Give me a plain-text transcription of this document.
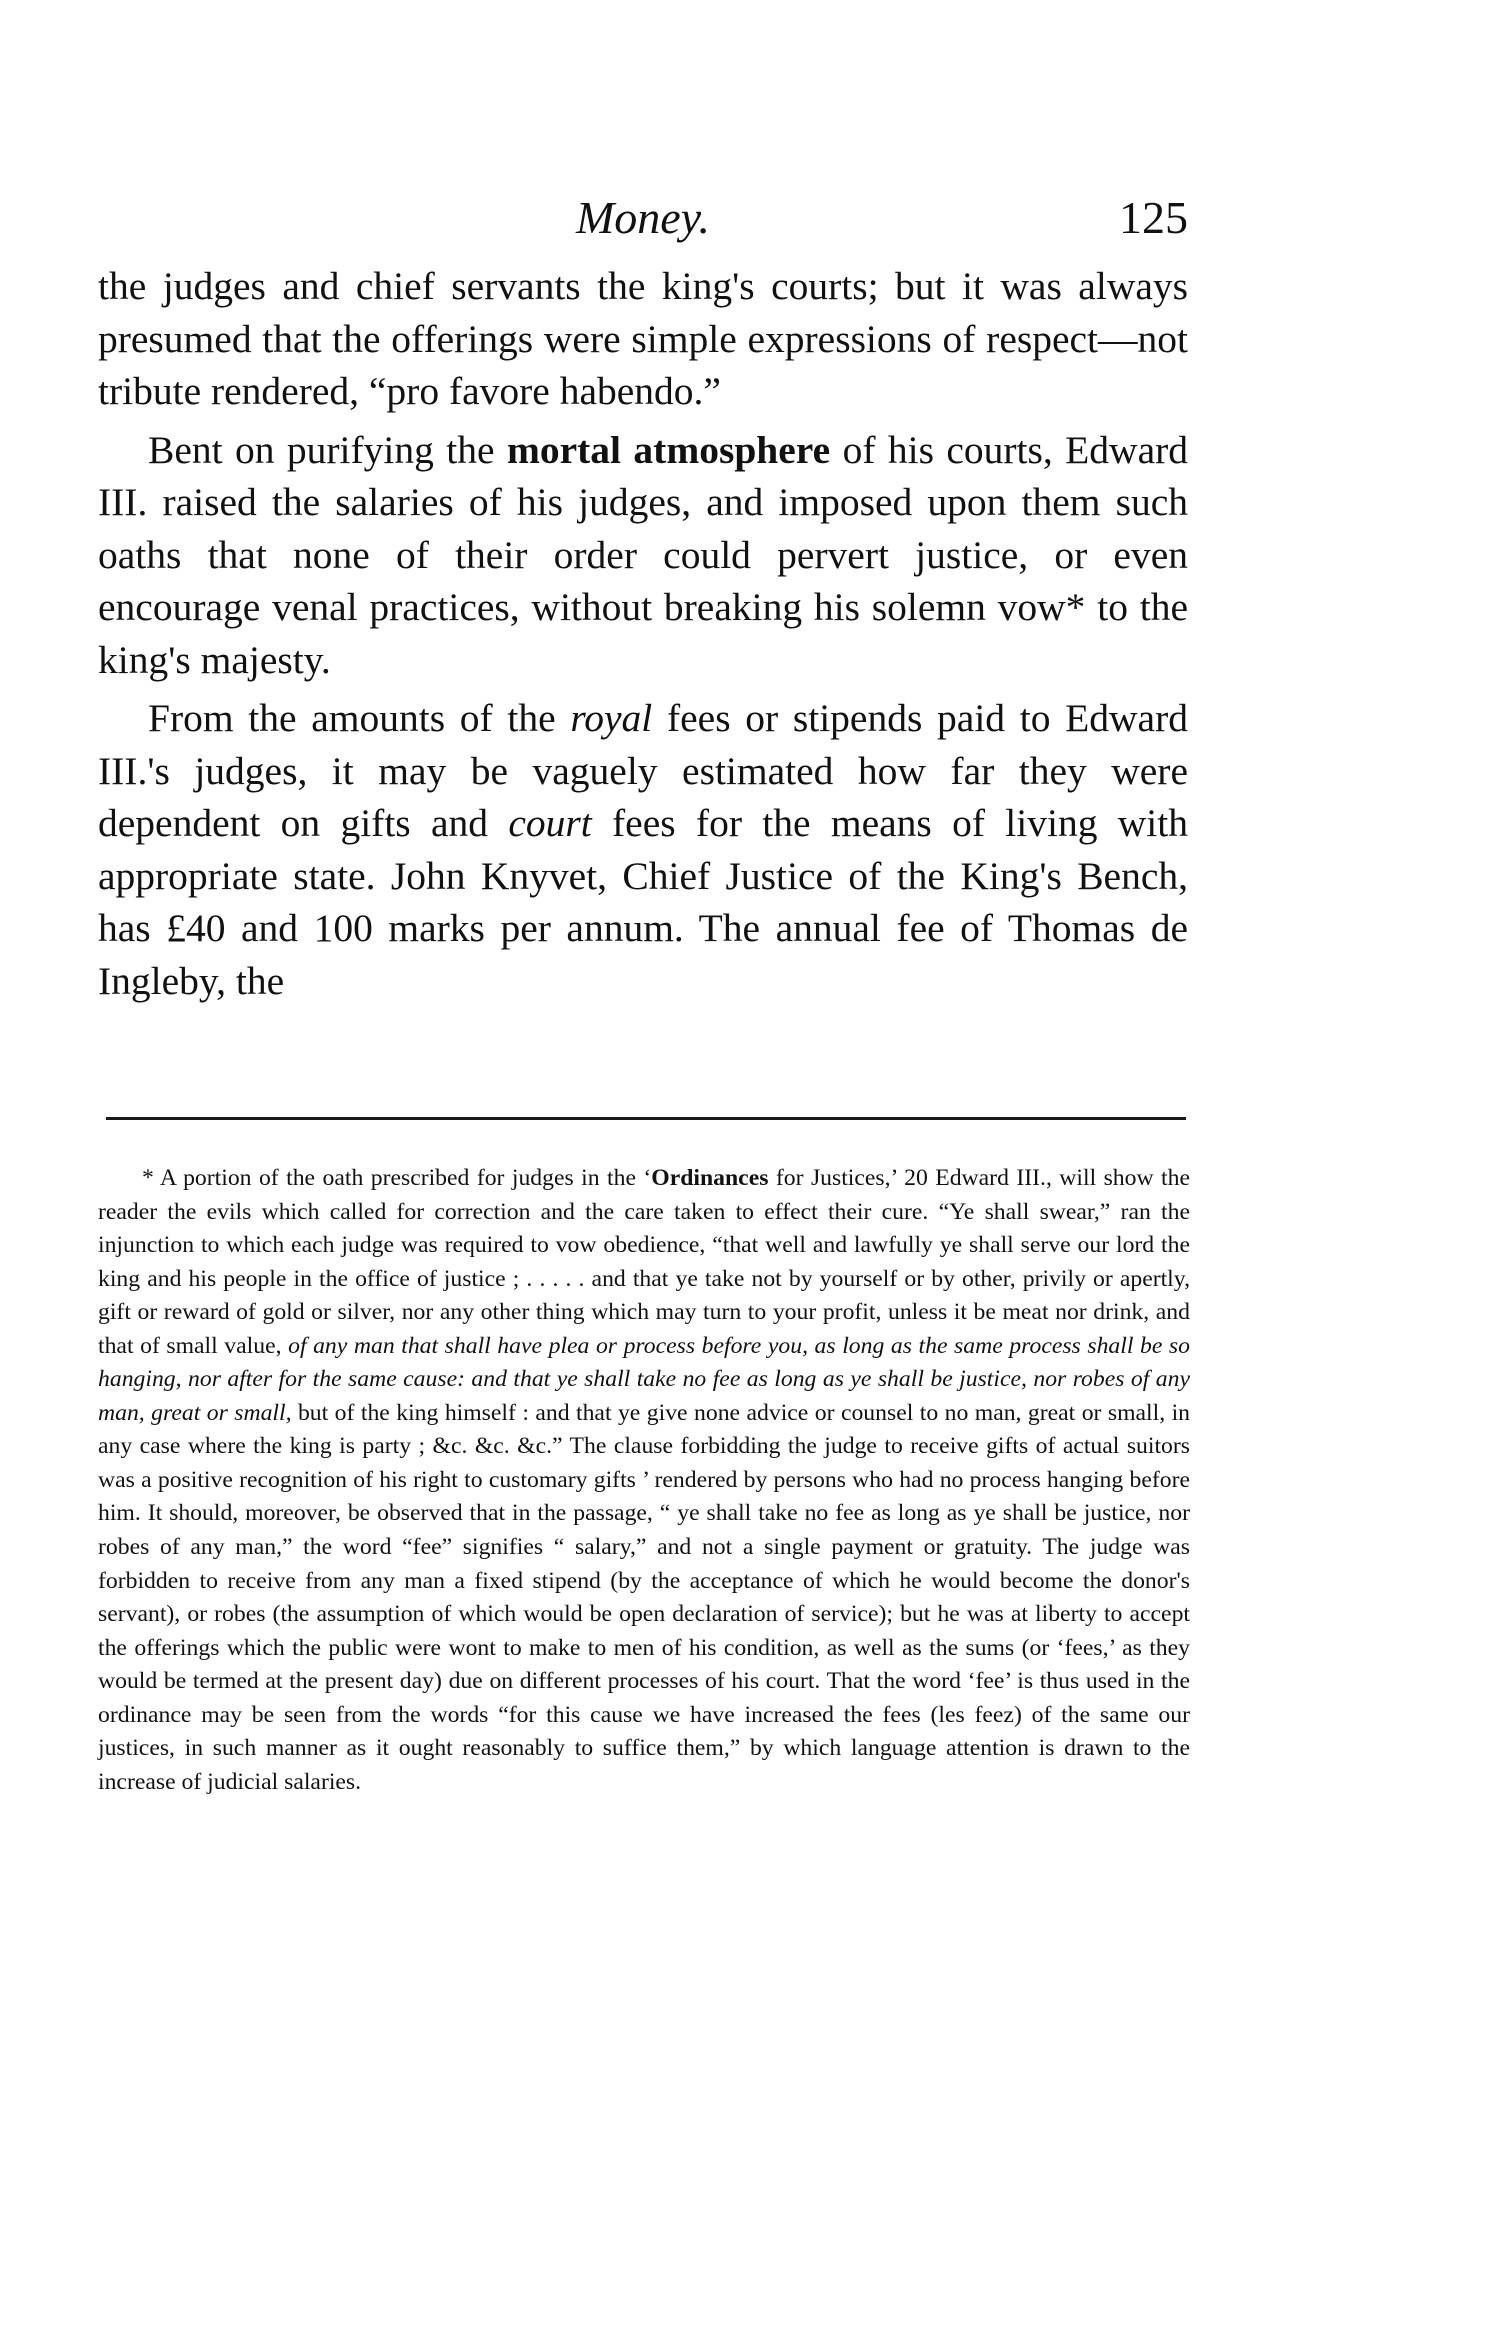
Money.	125

the judges and chief servants the king's courts; but it was always presumed that the offerings were simple expressions of respect—not tribute rendered, “pro favore habendo.”

Bent on purifying the mortal atmosphere of his courts, Edward III. raised the salaries of his judges, and imposed upon them such oaths that none of their order could pervert justice, or even encourage venal practices, without breaking his solemn vow* to the king's majesty.

From the amounts of the royal fees or stipends paid to Edward III.'s judges, it may be vaguely estimated how far they were dependent on gifts and court fees for the means of living with appropriate state. John Knyvet, Chief Justice of the King's Bench, has £40 and 100 marks per annum. The annual fee of Thomas de Ingleby, the

* A portion of the oath prescribed for judges in the ‘Ordinances for Justices,’ 20 Edward III., will show the reader the evils which called for correction and the care taken to effect their cure. “Ye shall swear,” ran the injunction to which each judge was required to vow obedience, “that well and lawfully ye shall serve our lord the king and his people in the office of justice ; . . . . . and that ye take not by yourself or by other, privily or apertly, gift or reward of gold or silver, nor any other thing which may turn to your profit, unless it be meat nor drink, and that of small value, of any man that shall have plea or process before you, as long as the same process shall be so hanging, nor after for the same cause: and that ye shall take no fee as long as ye shall be justice, nor robes of any man, great or small, but of the king himself : and that ye give none advice or counsel to no man, great or small, in any case where the king is party ; &c. &c. &c.” The clause forbidding the judge to receive gifts of actual suitors was a positive recognition of his right to customary gifts ’ rendered by persons who had no process hanging before him. It should, moreover, be observed that in the passage, “ ye shall take no fee as long as ye shall be justice, nor robes of any man,” the word “fee” signifies “ salary,” and not a single payment or gratuity. The judge was forbidden to receive from any man a fixed stipend (by the acceptance of which he would become the donor's servant), or robes (the assumption of which would be open declaration of service); but he was at liberty to accept the offerings which the public were wont to make to men of his condition, as well as the sums (or ‘fees,’ as they would be termed at the present day) due on different processes of his court. That the word ‘fee’ is thus used in the ordinance may be seen from the words “for this cause we have increased the fees (les feez) of the same our justices, in such manner as it ought reasonably to suffice them,” by which language attention is drawn to the increase of judicial salaries.
